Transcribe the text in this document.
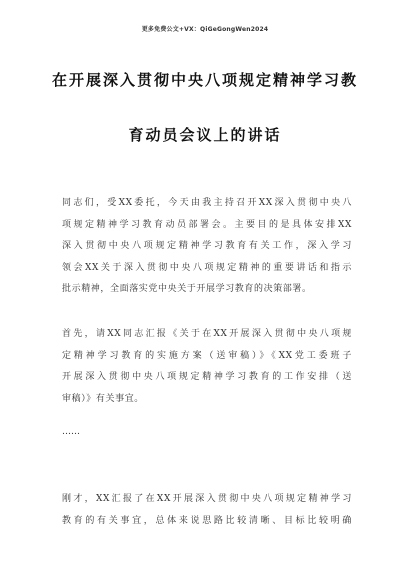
更多免费公文+VX：QiGeGongWen2024
在开展深入贯彻中央八项规定精神学习教
育动员会议上的讲话
同志们，受XX委托，今天由我主持召开XX深入贯彻中央八
项规定精神学习教育动员部署会。主要目的是具体安排XX
深入贯彻中央八项规定精神学习教育有关工作，深入学习
领会XX关于深入贯彻中央八项规定精神的重要讲话和指示
批示精神，全面落实党中央关于开展学习教育的决策部署。
首先，请XX同志汇报《关于在XX开展深入贯彻中央八项规
定精神学习教育的实施方案（送审稿）》《XX党工委班子
开展深入贯彻中央八项规定精神学习教育的工作安排（送
审稿）》有关事宜。
……
刚才，XX汇报了在XX开展深入贯彻中央八项规定精神学习
教育的有关事宜，总体来说思路比较清晰、目标比较明确
